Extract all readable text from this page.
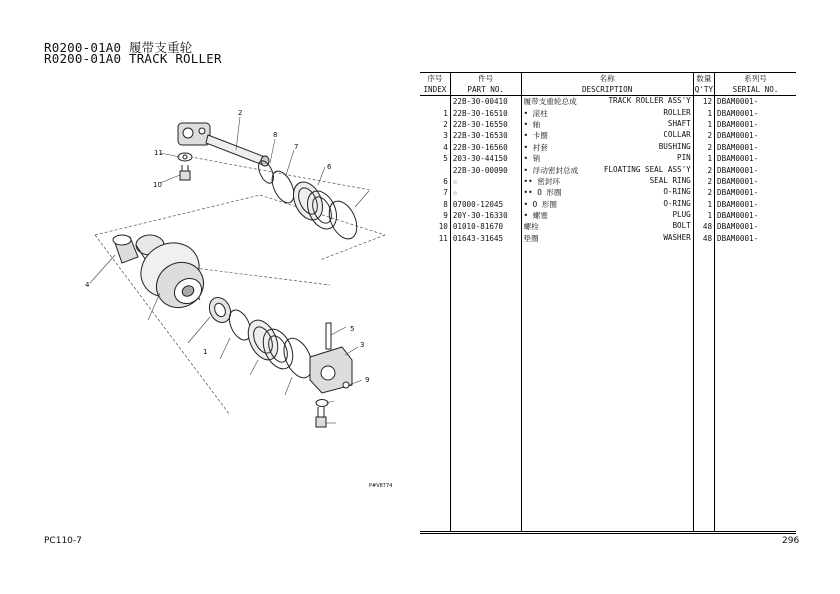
R0200-01A0 履带支重轮
R0200-01A0 TRACK ROLLER
1
2
3
4
5
6
7
8
9
10
11
P#V8774
序号	件号	名称	数量	系列号
INDEX	PART NO.	DESCRIPTION	Q'TY	SERIAL NO.
	22B-30-00410	履带支重轮总成 TRACK ROLLER ASS'Y	12	DBAM0001-
1	22B-30-16510	• 滚柱 ROLLER	1	DBAM0001-
2	22B-30-16550	• 轴 SHAFT	1	DBAM0001-
3	22B-30-16530	• 卡圈 COLLAR	2	DBAM0001-
4	22B-30-16560	• 衬套 BUSHING	2	DBAM0001-
5	203-30-44150	• 销 PIN	1	DBAM0001-
	22B-30-00090	• 浮动密封总成 FLOATING SEAL ASS'Y	2	DBAM0001-
6	☆	•• 密封环 SEAL RING	2	DBAM0001-
7	☆	•• O 形圈 O-RING	2	DBAM0001-
8	07000-12045	• O 形圈 O-RING	1	DBAM0001-
9	20Y-30-16330	• 螺塞 PLUG	1	DBAM0001-
10	01010-81670	螺栓 BOLT	48	DBAM0001-
11	01643-31645	垫圈 WASHER	48	DBAM0001-

PC110-7	296
